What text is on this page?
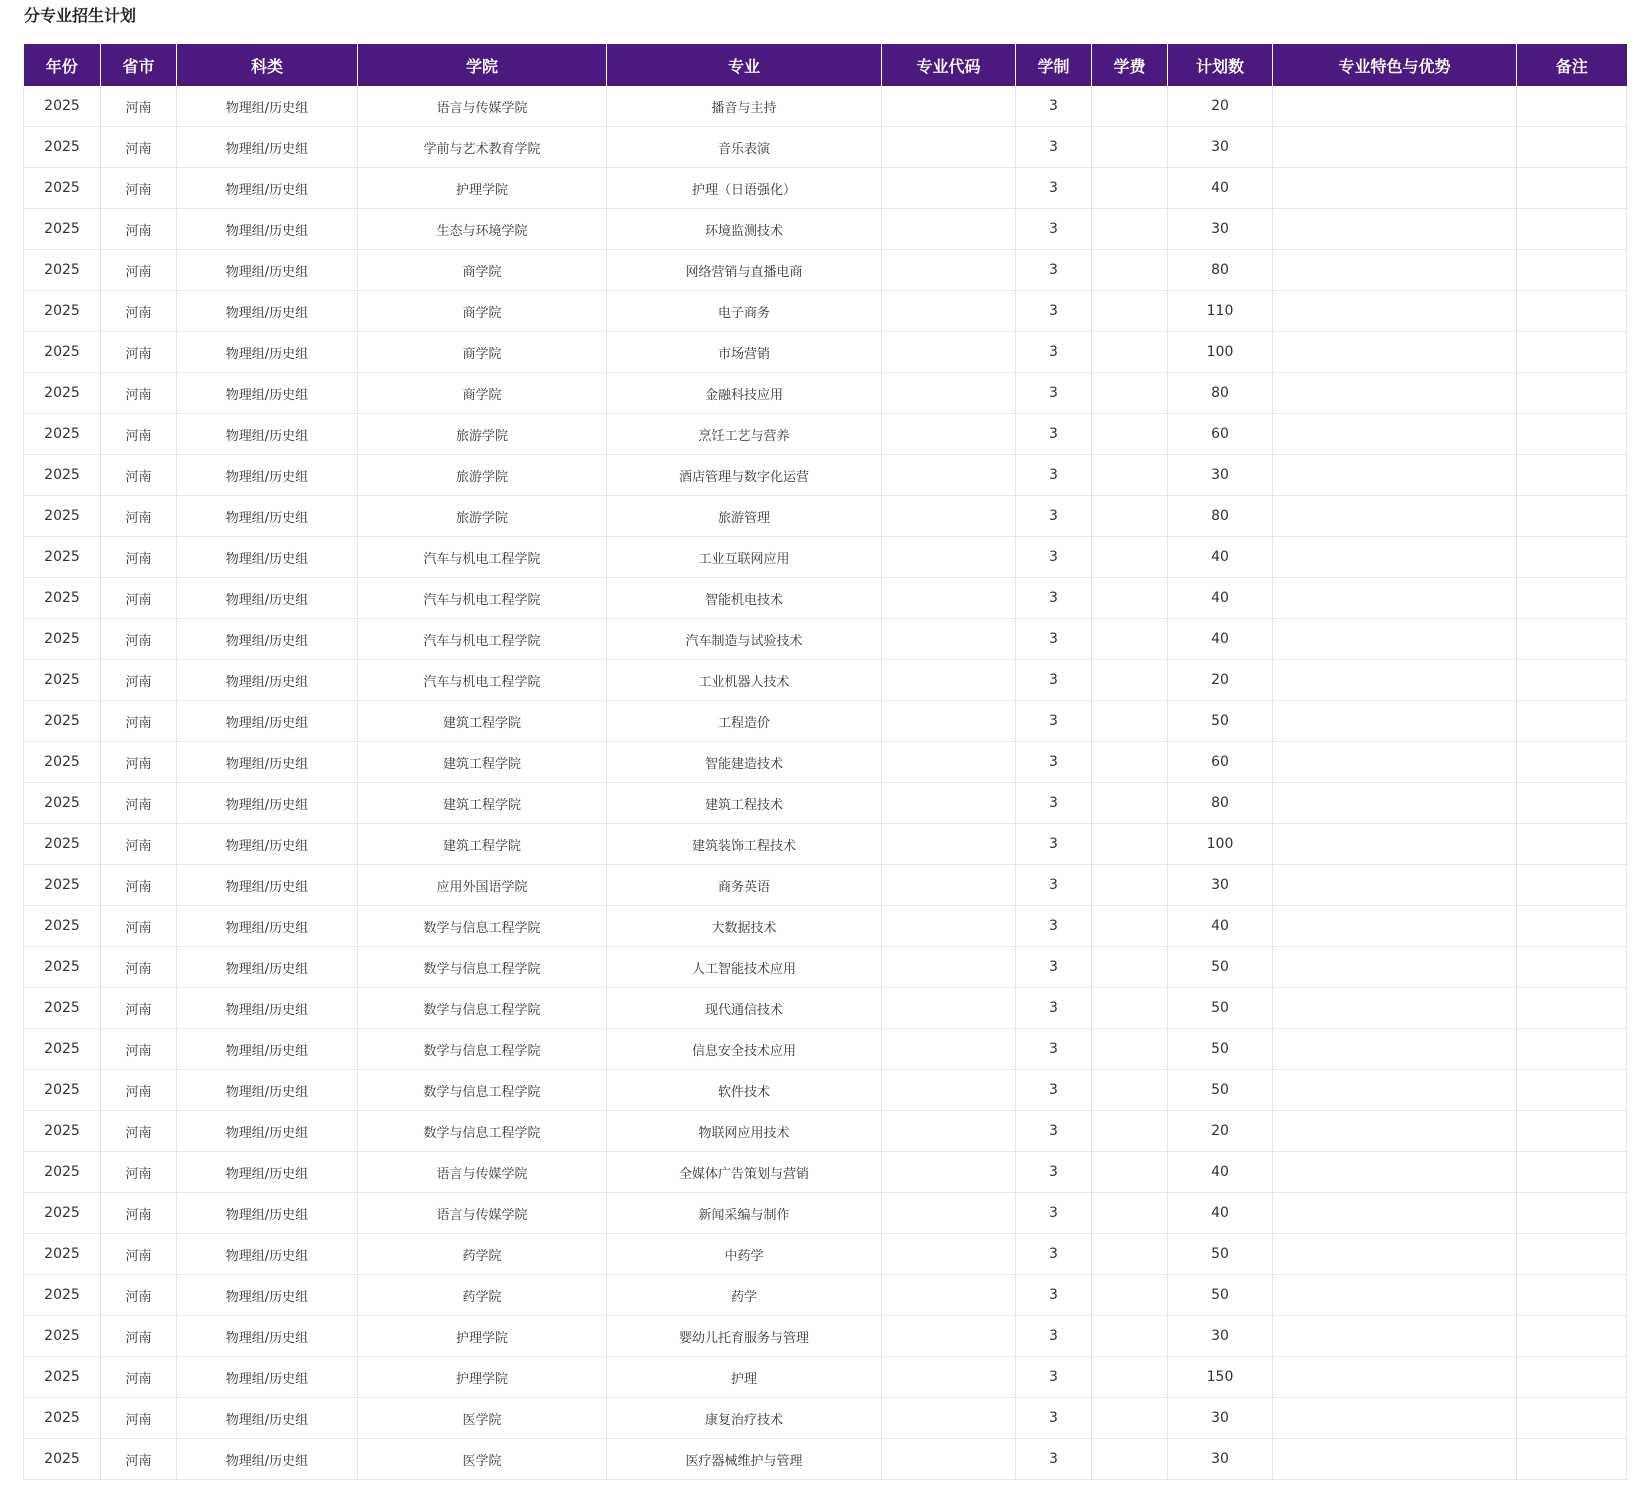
分专业招生计划
年份	省市	科类	学院	专业	专业代码	学制	学费	计划数	专业特色与优势	备注
2025	河南	物理组/历史组	语言与传媒学院	播音与主持		3		20		
2025	河南	物理组/历史组	学前与艺术教育学院	音乐表演		3		30		
2025	河南	物理组/历史组	护理学院	护理（日语强化）		3		40		
2025	河南	物理组/历史组	生态与环境学院	环境监测技术		3		30		
2025	河南	物理组/历史组	商学院	网络营销与直播电商		3		80		
2025	河南	物理组/历史组	商学院	电子商务		3		110		
2025	河南	物理组/历史组	商学院	市场营销		3		100		
2025	河南	物理组/历史组	商学院	金融科技应用		3		80		
2025	河南	物理组/历史组	旅游学院	烹饪工艺与营养		3		60		
2025	河南	物理组/历史组	旅游学院	酒店管理与数字化运营		3		30		
2025	河南	物理组/历史组	旅游学院	旅游管理		3		80		
2025	河南	物理组/历史组	汽车与机电工程学院	工业互联网应用		3		40		
2025	河南	物理组/历史组	汽车与机电工程学院	智能机电技术		3		40		
2025	河南	物理组/历史组	汽车与机电工程学院	汽车制造与试验技术		3		40		
2025	河南	物理组/历史组	汽车与机电工程学院	工业机器人技术		3		20		
2025	河南	物理组/历史组	建筑工程学院	工程造价		3		50		
2025	河南	物理组/历史组	建筑工程学院	智能建造技术		3		60		
2025	河南	物理组/历史组	建筑工程学院	建筑工程技术		3		80		
2025	河南	物理组/历史组	建筑工程学院	建筑装饰工程技术		3		100		
2025	河南	物理组/历史组	应用外国语学院	商务英语		3		30		
2025	河南	物理组/历史组	数学与信息工程学院	大数据技术		3		40		
2025	河南	物理组/历史组	数学与信息工程学院	人工智能技术应用		3		50		
2025	河南	物理组/历史组	数学与信息工程学院	现代通信技术		3		50		
2025	河南	物理组/历史组	数学与信息工程学院	信息安全技术应用		3		50		
2025	河南	物理组/历史组	数学与信息工程学院	软件技术		3		50		
2025	河南	物理组/历史组	数学与信息工程学院	物联网应用技术		3		20		
2025	河南	物理组/历史组	语言与传媒学院	全媒体广告策划与营销		3		40		
2025	河南	物理组/历史组	语言与传媒学院	新闻采编与制作		3		40		
2025	河南	物理组/历史组	药学院	中药学		3		50		
2025	河南	物理组/历史组	药学院	药学		3		50		
2025	河南	物理组/历史组	护理学院	婴幼儿托育服务与管理		3		30		
2025	河南	物理组/历史组	护理学院	护理		3		150		
2025	河南	物理组/历史组	医学院	康复治疗技术		3		30		
2025	河南	物理组/历史组	医学院	医疗器械维护与管理		3		30		
